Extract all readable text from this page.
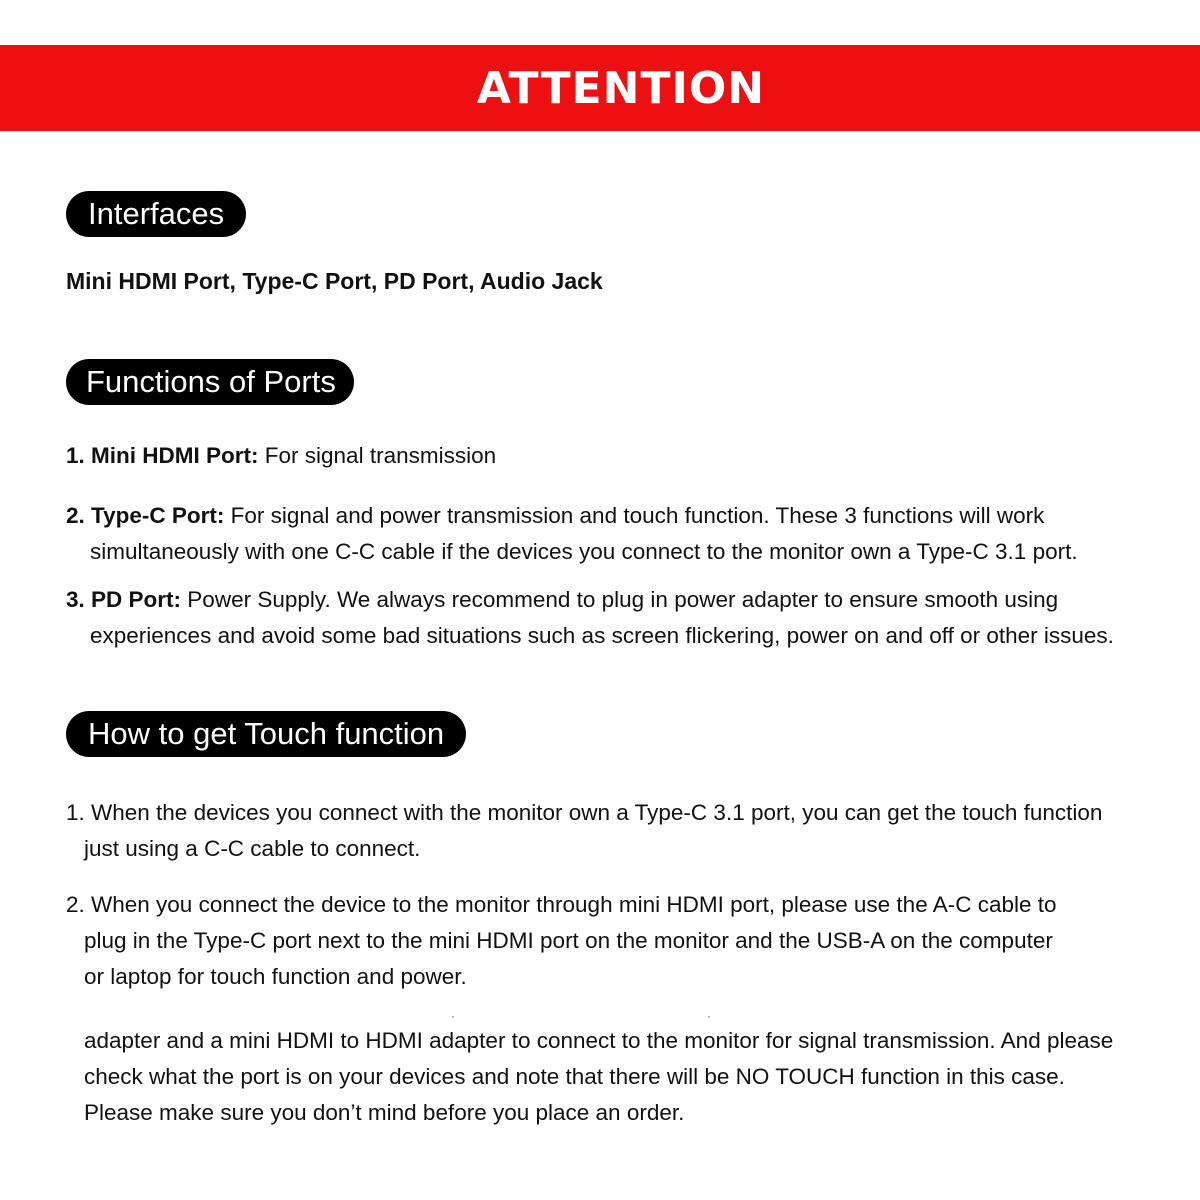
ATTENTION
Interfaces
Mini HDMI Port, Type-C Port, PD Port, Audio Jack
Functions of Ports
1. Mini HDMI Port: For signal transmission
2. Type-C Port: For signal and power transmission and touch function. These 3 functions will work
simultaneously with one C-C cable if the devices you connect to the monitor own a Type-C 3.1 port.
3. PD Port: Power Supply. We always recommend to plug in power adapter to ensure smooth using
experiences and avoid some bad situations such as screen flickering, power on and off or other issues.
How to get Touch function
1. When the devices you connect with the monitor own a Type-C 3.1 port, you can get the touch function
just using a C-C cable to connect.
2. When you connect the device to the monitor through mini HDMI port, please use the A-C cable to
plug in the Type-C port next to the mini HDMI port on the monitor and the USB-A on the computer
or laptop for touch function and power.
adapter and a mini HDMI to HDMI adapter to connect to the monitor for signal transmission. And please
check what the port is on your devices and note that there will be NO TOUCH function in this case.
Please make sure you don’t mind before you place an order.
